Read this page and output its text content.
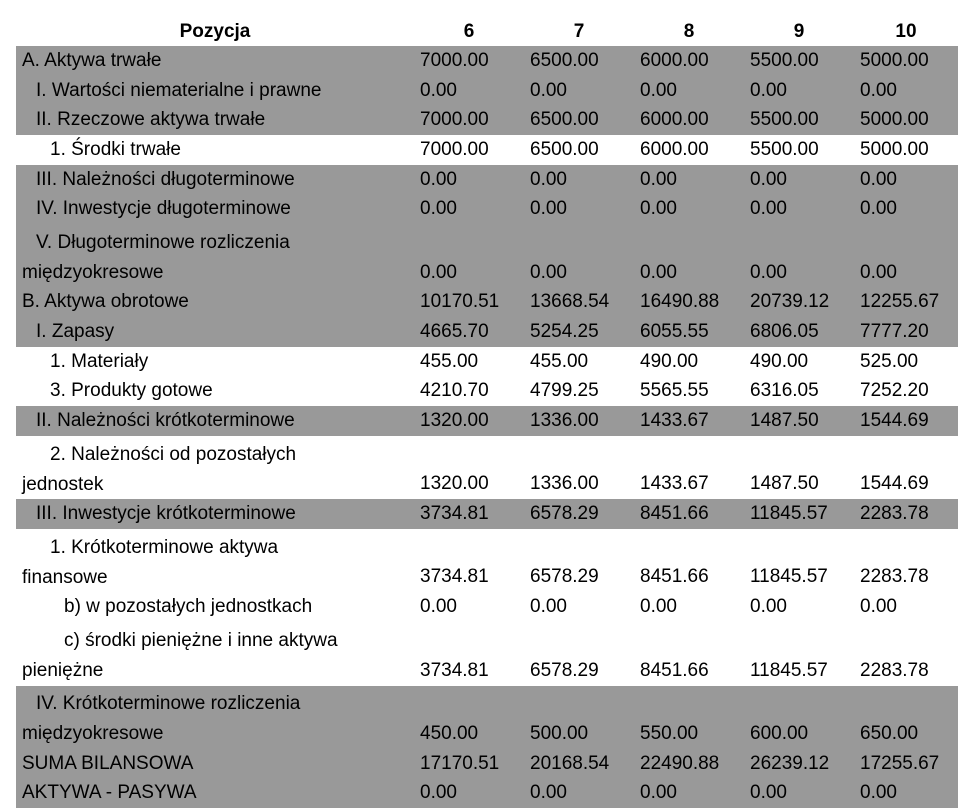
Pozycja	6	7	8	9	10
A. Aktywa trwałe	7000.00	6500.00	6000.00	5500.00	5000.00
I. Wartości niematerialne i prawne	0.00	0.00	0.00	0.00	0.00
II. Rzeczowe aktywa trwałe	7000.00	6500.00	6000.00	5500.00	5000.00
1. Środki trwałe	7000.00	6500.00	6000.00	5500.00	5000.00
III. Należności długoterminowe	0.00	0.00	0.00	0.00	0.00
IV. Inwestycje długoterminowe	0.00	0.00	0.00	0.00	0.00
V. Długoterminowe rozliczenia
międzyokresowe	0.00	0.00	0.00	0.00	0.00
B. Aktywa obrotowe	10170.51	13668.54	16490.88	20739.12	12255.67
I. Zapasy	4665.70	5254.25	6055.55	6806.05	7777.20
1. Materiały	455.00	455.00	490.00	490.00	525.00
3. Produkty gotowe	4210.70	4799.25	5565.55	6316.05	7252.20
II. Należności krótkoterminowe	1320.00	1336.00	1433.67	1487.50	1544.69
2. Należności od pozostałych
jednostek	1320.00	1336.00	1433.67	1487.50	1544.69
III. Inwestycje krótkoterminowe	3734.81	6578.29	8451.66	11845.57	2283.78
1. Krótkoterminowe aktywa
finansowe	3734.81	6578.29	8451.66	11845.57	2283.78
b) w pozostałych jednostkach	0.00	0.00	0.00	0.00	0.00
c) środki pieniężne i inne aktywa
pieniężne	3734.81	6578.29	8451.66	11845.57	2283.78
IV. Krótkoterminowe rozliczenia
międzyokresowe	450.00	500.00	550.00	600.00	650.00
SUMA BILANSOWA	17170.51	20168.54	22490.88	26239.12	17255.67
AKTYWA - PASYWA	0.00	0.00	0.00	0.00	0.00
